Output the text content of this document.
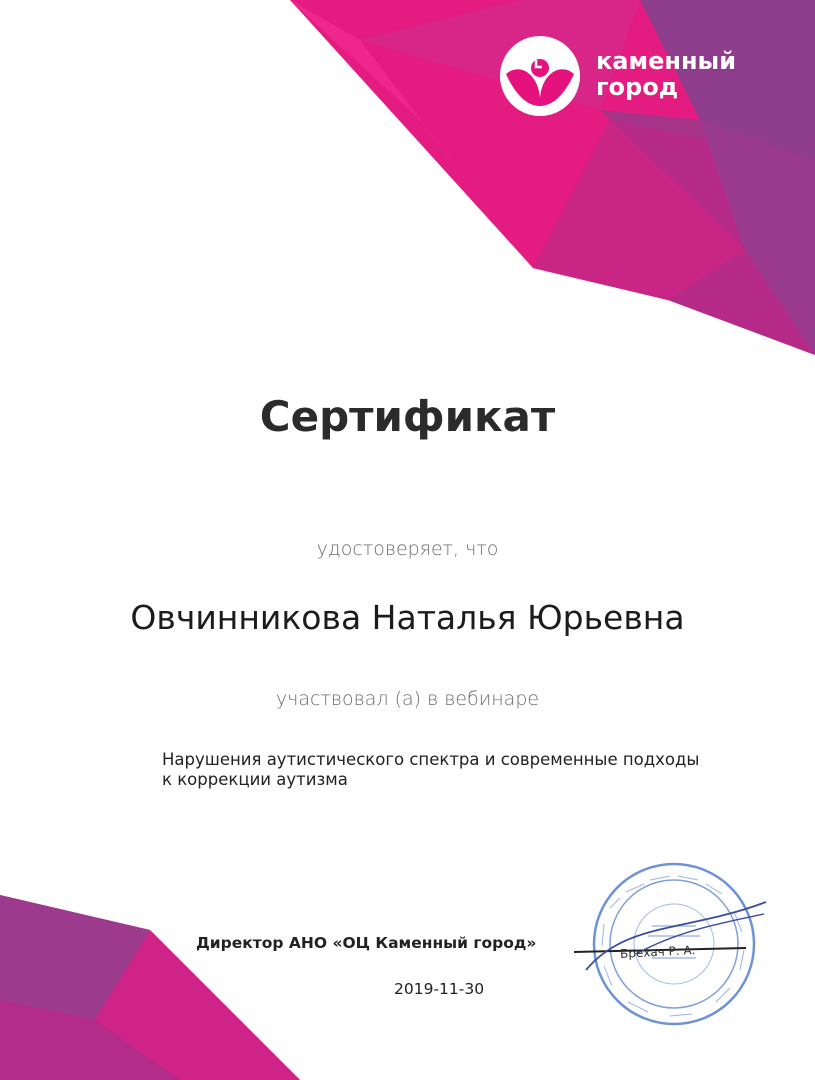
каменный
город
Сертификат
удостоверяет, что
Овчинникова Наталья Юрьевна
участвовал (а) в вебинаре
Нарушения аутистического спектра и современные подходы
к коррекции аутизма
Директор АНО «ОЦ Каменный город»
2019-11-30
Брехач Р. А.
